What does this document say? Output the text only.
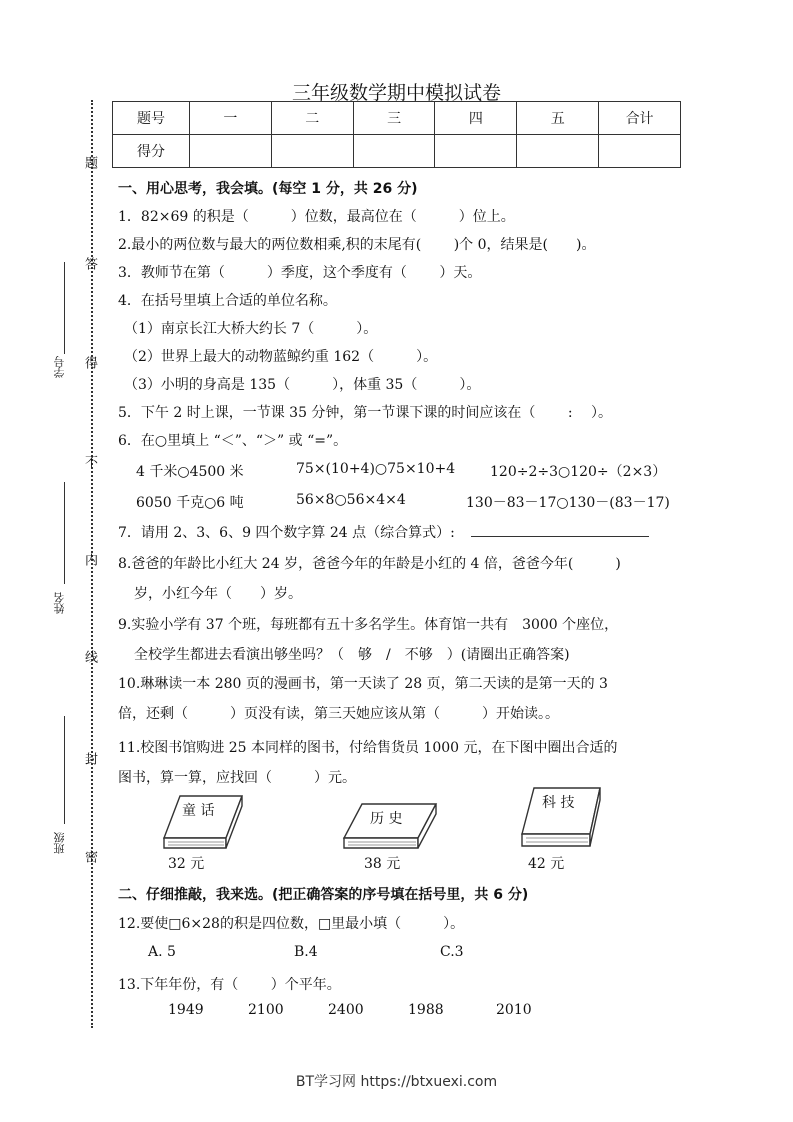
三年级数学期中模拟试卷
题号	一	二	三	四	五	合计
得分						
题
答
得
不
内
线
封
密
学号
姓名
班级
一、用心思考，我会填。(每空 1 分，共 26 分)
1．82×69 的积是（　　　）位数，最高位在（　　　）位上。
2.最小的两位数与最大的两位数相乘,积的末尾有(　　 )个 0，结果是(　　)。
3．教师节在第（　　　）季度，这个季度有（　　 ）天。
4．在括号里填上合适的单位名称。
（1）南京长江大桥大约长 7（　　　）。
（2）世界上最大的动物蓝鲸约重 162（　　　）。
（3）小明的身高是 135（　　　），体重 35（　　　）。
5．下午 2 时上课，一节课 35 分钟，第一节课下课的时间应该在（　　 :　 ）。
6．在○里填上 “＜”、“＞” 或 “=”。
4 千米○4500 米	75×(10+4)○75×10+4 120÷2÷3○120÷（2×3）
6050 千克○6 吨	56×8○56×4×4	130－83－17○130－(83－17)
7．请用 2、3、6、9 四个数字算 24 点（综合算式）:
8.爸爸的年龄比小红大 24 岁，爸爸今年的年龄是小红的 4 倍，爸爸今年(　　　)
岁，小红今年（　　）岁。
9.实验小学有 37 个班，每班都有五十多名学生。体育馆一共有　3000 个座位，
全校学生都进去看演出够坐吗？（　够　/　不够　）(请圈出正确答案)
10.琳琳读一本 280 页的漫画书，第一天读了 28 页，第二天读的是第一天的 3
倍，还剩（　　　）页没有读，第三天她应该从第（　　　）开始读。。
11.校图书馆购进 25 本同样的图书，付给售货员 1000 元，在下图中圈出合适的
图书，算一算，应找回（　　　）元。
童 话
32 元
历 史
38 元
科 技
42 元
二、仔细推敲，我来选。(把正确答案的序号填在括号里，共 6 分)
12.要使□6×28的积是四位数，□里最小填（　　　）。
A. 5	B.4	C.3
13.下年年份，有（　　 ）个平年。
1949	2100	2400	1988	2010
BT学习网 https://btxuexi.com
